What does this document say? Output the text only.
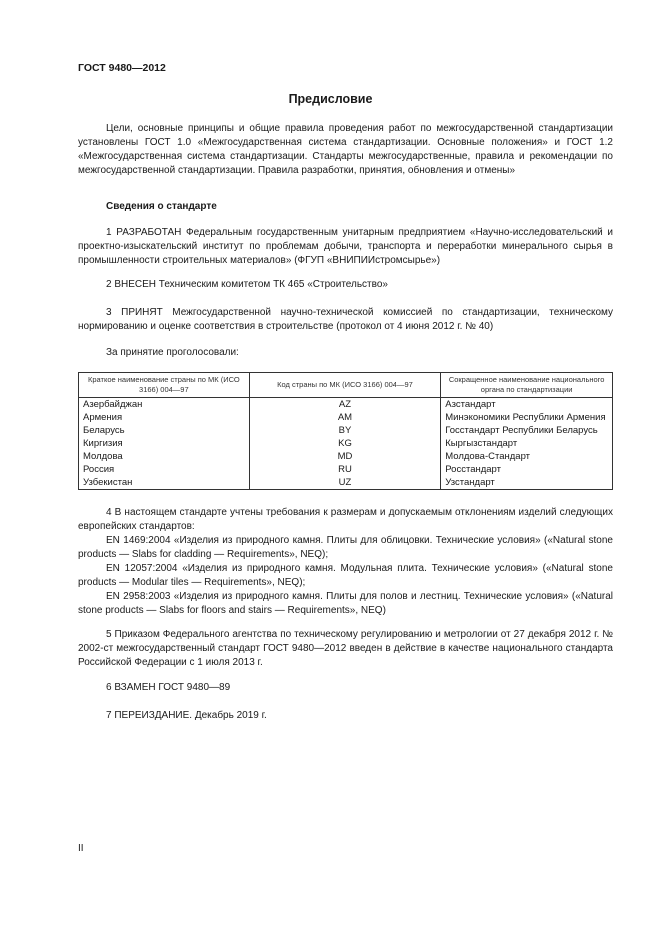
ГОСТ 9480—2012
Предисловие
Цели, основные принципы и общие правила проведения работ по межгосударственной стандартизации установлены ГОСТ 1.0 «Межгосударственная система стандартизации. Основные положения» и ГОСТ 1.2 «Межгосударственная система стандартизации. Стандарты межгосударственные, правила и рекомендации по межгосударственной стандартизации. Правила разработки, принятия, обновления и отмены»
Сведения о стандарте
1 РАЗРАБОТАН Федеральным государственным унитарным предприятием «Научно-исследовательский и проектно-изыскательский институт по проблемам добычи, транспорта и переработки минерального сырья в промышленности строительных материалов» (ФГУП «ВНИПИИстромсырье»)
2 ВНЕСЕН Техническим комитетом ТК 465 «Строительство»
3 ПРИНЯТ Межгосударственной научно-технической комиссией по стандартизации, техническому нормированию и оценке соответствия в строительстве (протокол от 4 июня 2012 г. № 40)
За принятие проголосовали:
Краткое наименование страны по МК (ИСО 3166) 004—97	Код страны по МК (ИСО 3166) 004—97	Сокращенное наименование национального органа по стандартизации
Азербайджан	AZ	Азстандарт
Армения	AM	Минэкономики Республики Армения
Беларусь	BY	Госстандарт Республики Беларусь
Киргизия	KG	Кыргызстандарт
Молдова	MD	Молдова-Стандарт
Россия	RU	Росстандарт
Узбекистан	UZ	Узстандарт
4 В настоящем стандарте учтены требования к размерам и допускаемым отклонениям изделий следующих европейских стандартов:
EN 1469:2004 «Изделия из природного камня. Плиты для облицовки. Технические условия» («Natural stone products — Slabs for cladding — Requirements», NEQ);
EN 12057:2004 «Изделия из природного камня. Модульная плита. Технические условия» («Natural stone products — Modular tiles — Requirements», NEQ);
EN 2958:2003 «Изделия из природного камня. Плиты для полов и лестниц. Технические условия» («Natural stone products — Slabs for floors and stairs — Requirements», NEQ)
5 Приказом Федерального агентства по техническому регулированию и метрологии от 27 декабря 2012 г. № 2002-ст межгосударственный стандарт ГОСТ 9480—2012 введен в действие в качестве национального стандарта Российской Федерации с 1 июля 2013 г.
6 ВЗАМЕН ГОСТ 9480—89
7 ПЕРЕИЗДАНИЕ. Декабрь 2019 г.
II
